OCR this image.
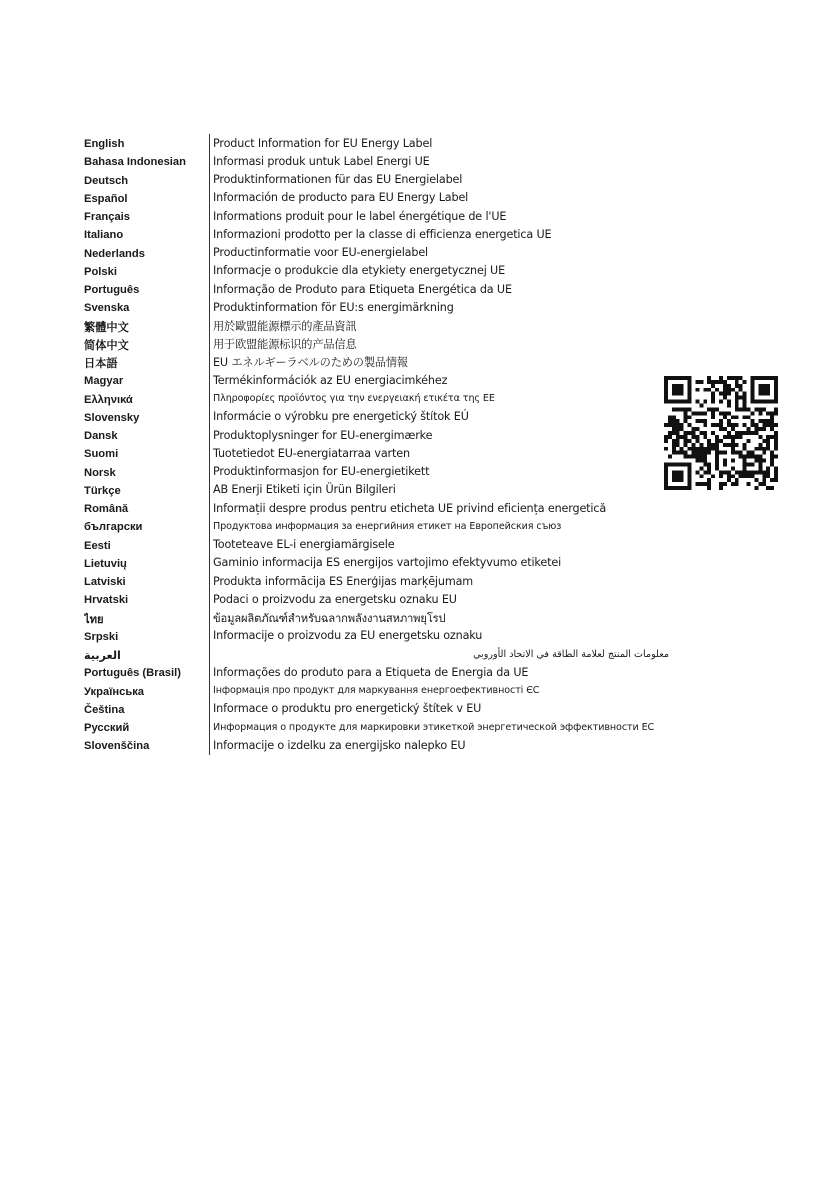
English	Product Information for EU Energy Label
Bahasa Indonesian	Informasi produk untuk Label Energi UE
Deutsch	Produktinformationen für das EU Energielabel
Español	Información de producto para EU Energy Label
Français	Informations produit pour le label énergétique de l'UE
Italiano	Informazioni prodotto per la classe di efficienza energetica UE
Nederlands	Productinformatie voor EU-energielabel
Polski	Informacje o produkcie dla etykiety energetycznej UE
Português	Informação de Produto para Etiqueta Energética da UE
Svenska	Produktinformation för EU:s energimärkning
繁體中文	用於歐盟能源標示的產品資訊
简体中文	用于欧盟能源标识的产品信息
日本語	EU エネルギーラベルのための製品情報
Magyar	Termékinformációk az EU energiacimkéhez
Ελληνικά	Πληροφορίες προϊόντος για την ενεργειακή ετικέτα της ΕΕ
Slovensky	Informácie o výrobku pre energetický štítok EÚ
Dansk	Produktoplysninger for EU-energimærke
Suomi	Tuotetiedot EU-energiatarraa varten
Norsk	Produktinformasjon for EU-energietikett
Türkçe	AB Enerji Etiketi için Ürün Bilgileri
Română	Informații despre produs pentru eticheta UE privind eficiența energetică
български	Продуктова информация за енергийния етикет на Европейския съюз
Eesti	Tooteteave EL-i energiamärgisele
Lietuvių	Gaminio informacija ES energijos vartojimo efektyvumo etiketei
Latviski	Produkta informācija ES Enerģijas marķējumam
Hrvatski	Podaci o proizvodu za energetsku oznaku EU
ไทย	ข้อมูลผลิตภัณฑ์สำหรับฉลากพลังงานสหภาพยุโรป
Srpski	Informacije o proizvodu za EU energetsku oznaku
العربية	معلومات المنتج لعلامة الطاقة في الاتحاد الأوروبي
Português (Brasil)	Informações do produto para a Etiqueta de Energia da UE
Українська	Інформація про продукт для маркування енергоефективності ЄС
Čeština	Informace o produktu pro energetický štítek v EU
Русский	Информация о продукте для маркировки этикеткой энергетической эффективности ЕС
Slovenščina	Informacije o izdelku za energijsko nalepko EU
